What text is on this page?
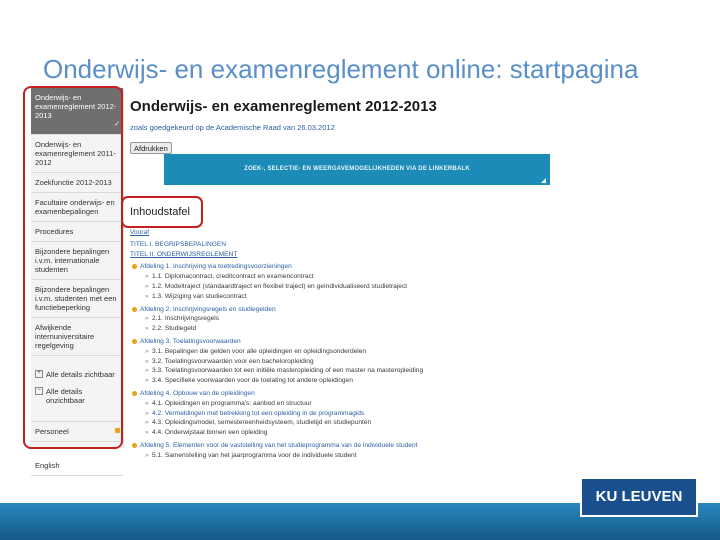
Onderwijs- en examenreglement online: startpagina
Onderwijs- en examenreglement 2012-2013
✓
Onderwijs- en examenreglement 2011-2012
Zoekfunctie 2012-2013
Facultaire onderwijs- en examenbepalingen
Procedures
Bijzondere bepalingen i.v.m. internationale studenten
Bijzondere bepalingen i.v.m. studenten met een functiebeperking
Afwijkende internuniversitaire regelgeving
+ Alle details zichtbaar
− Alle details onzichtbaar
Personeel
English
Onderwijs- en examenreglement 2012-2013
zoals goedgekeurd op de Academische Raad van 26.03.2012
Afdrukken
ZOEK-, SELECTIE- EN WEERGAVEMOGELIJKHEDEN VIA DE LINKERBALK
Inhoudstafel
Vooraf
TITEL I. BEGRIPSBEPALINGEN
TITEL II. ONDERWIJSREGLEMENT
Afdeling 1. Inschrijving via toetredingsvoorzieningen
» 1.1. Diplomacontract, creditcontract en examencontract
» 1.2. Modeltraject (standaardtraject en flexibel traject) en geïndividualiseerd studietraject
» 1.3. Wijziging van studiecontract
Afdeling 2. Inschrijvingsregels en studiegelden
» 2.1. Inschrijvingsregels
» 2.2. Studiegeld
Afdeling 3. Toelatingsvoorwaarden
» 3.1. Bepalingen die gelden voor alle opleidingen en opleidingsonderdelen
» 3.2. Toelatingsvoorwaarden voor een bacheloropleiding
» 3.3. Toelatingsvoorwaarden tot een initiële masteropleiding of een master na masteropleiding
» 3.4. Specifieke voorwaarden voor de toelating tot andere opleidingen
Afdeling 4. Opbouw van de opleidingen
» 4.1. Opleidingen en programma's: aanbod en structuur
» 4.2. Vermeldingen met betrekking tot een opleiding in de programmagids
» 4.3. Opleidingsmodel, semestereenheidsysteem, studietijd en studiepunten
» 4.4. Onderwijstaal binnen een opleiding
Afdeling 5. Elementen voor de vaststelling van het studieprogramma van de individuele student
» 5.1. Samenstelling van het jaarprogramma voor de individuele student
KU LEUVEN
